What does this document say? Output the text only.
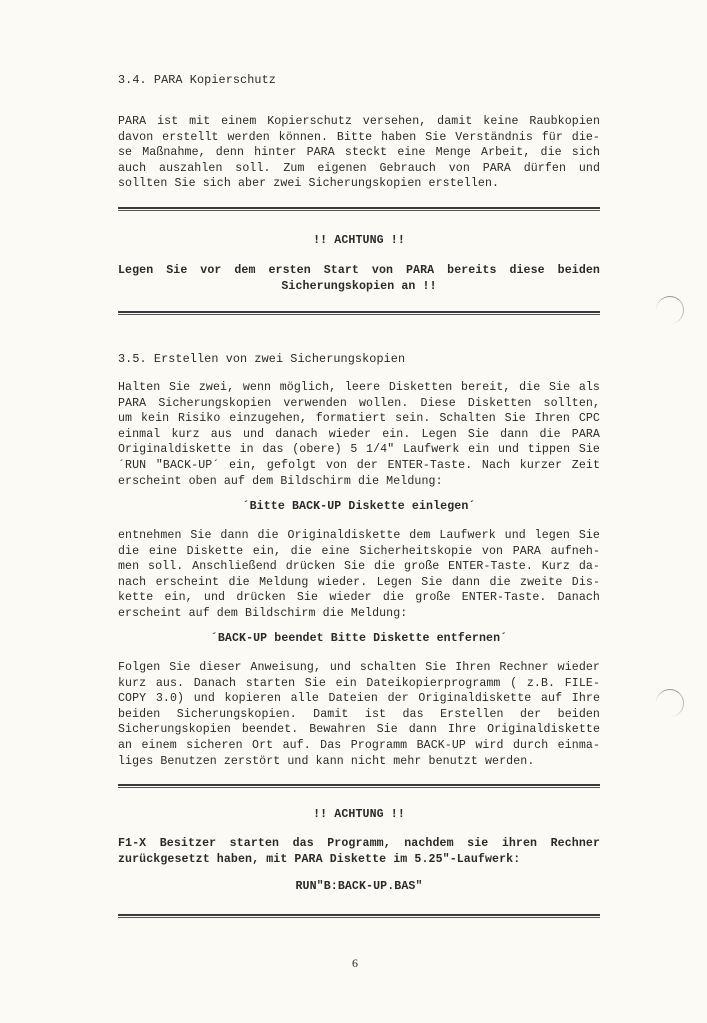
3.4. PARA Kopierschutz
PARA ist mit einem Kopierschutz versehen, damit keine Raubkopien
davon erstellt werden können. Bitte haben Sie Verständnis für die-
se Maßnahme, denn hinter PARA steckt eine Menge Arbeit, die sich
auch auszahlen soll. Zum eigenen Gebrauch von PARA dürfen und
sollten Sie sich aber zwei Sicherungskopien erstellen.
!! ACHTUNG !!
Legen Sie vor dem ersten Start von PARA bereits diese beiden
Sicherungskopien an !!
3.5. Erstellen von zwei Sicherungskopien
Halten Sie zwei, wenn möglich, leere Disketten bereit, die Sie als
PARA Sicherungskopien verwenden wollen. Diese Disketten sollten,
um kein Risiko einzugehen, formatiert sein. Schalten Sie Ihren CPC
einmal kurz aus und danach wieder ein. Legen Sie dann die PARA
Originaldiskette in das (obere) 5 1/4" Laufwerk ein und tippen Sie
´RUN "BACK-UP´ ein, gefolgt von der ENTER-Taste. Nach kurzer Zeit
erscheint oben auf dem Bildschirm die Meldung:
´Bitte BACK-UP Diskette einlegen´
entnehmen Sie dann die Originaldiskette dem Laufwerk und legen Sie
die eine Diskette ein, die eine Sicherheitskopie von PARA aufneh-
men soll. Anschließend drücken Sie die große ENTER-Taste. Kurz da-
nach erscheint die Meldung wieder. Legen Sie dann die zweite Dis-
kette ein, und drücken Sie wieder die große ENTER-Taste. Danach
erscheint auf dem Bildschirm die Meldung:
´BACK-UP beendet Bitte Diskette entfernen´
Folgen Sie dieser Anweisung, und schalten Sie Ihren Rechner wieder
kurz aus. Danach starten Sie ein Dateikopierprogramm ( z.B. FILE-
COPY 3.0) und kopieren alle Dateien der Originaldiskette auf Ihre
beiden Sicherungskopien. Damit ist das Erstellen der beiden
Sicherungskopien beendet. Bewahren Sie dann Ihre Originaldiskette
an einem sicheren Ort auf. Das Programm BACK-UP wird durch einma-
liges Benutzen zerstört und kann nicht mehr benutzt werden.
!! ACHTUNG !!
F1-X Besitzer starten das Programm, nachdem sie ihren Rechner
zurückgesetzt haben, mit PARA Diskette im 5.25"-Laufwerk:
RUN"B:BACK-UP.BAS"
6
